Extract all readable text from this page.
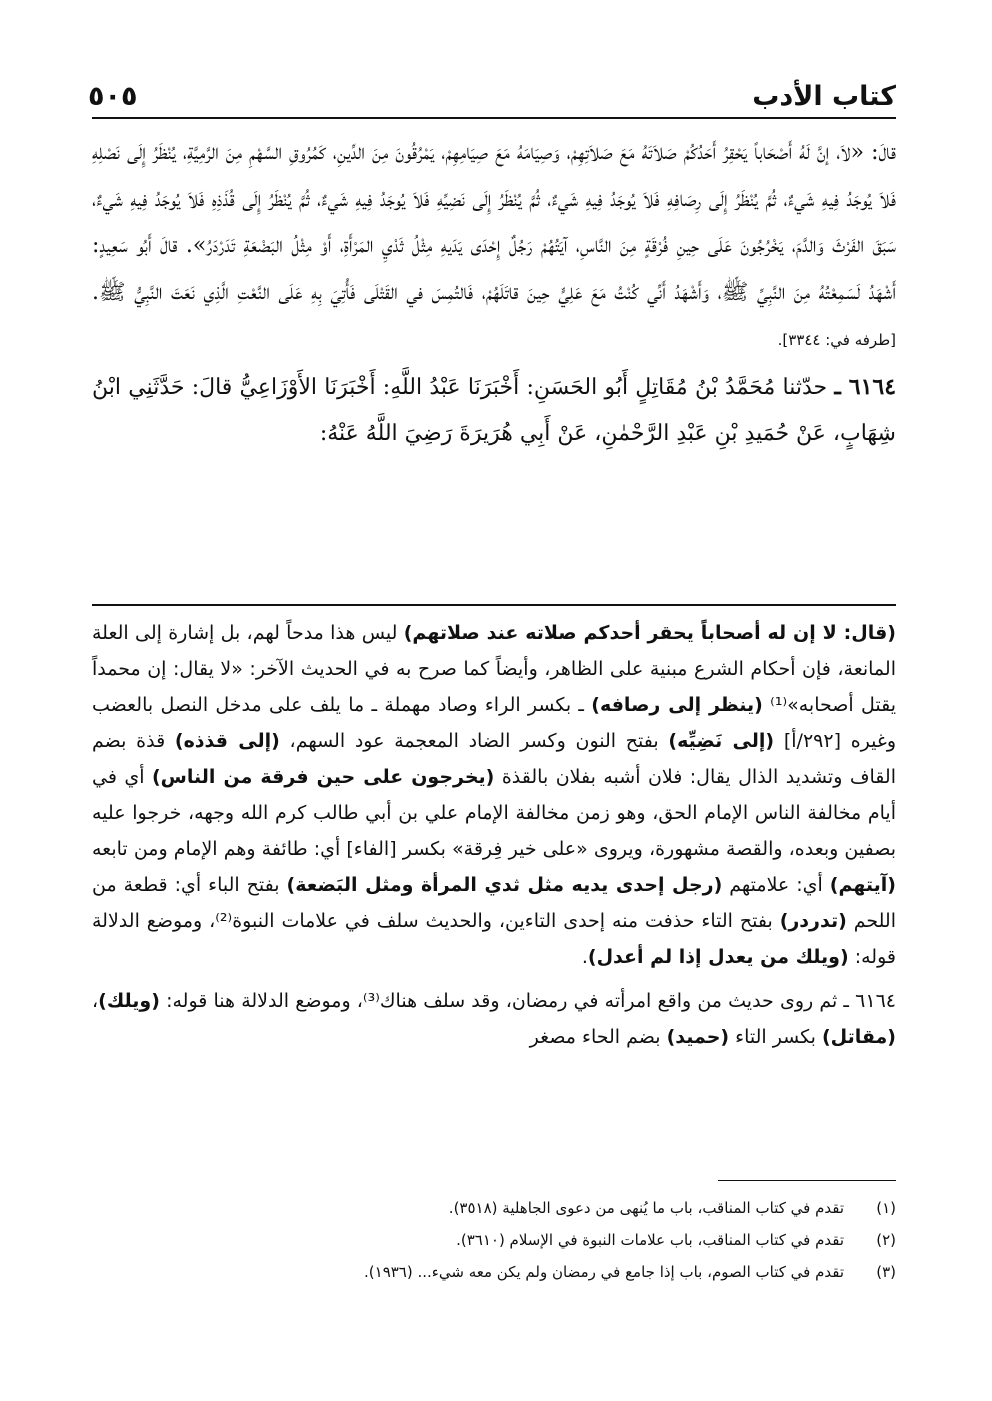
كتاب الأدب
٥٠٥

قالَ: «لاَ، إنَّ لَهُ أَصْحَاباً يَحْقِرُ أَحَدُكُمْ صَلاَتَهُ مَعَ صَلاَتِهِمْ، وَصِيَامَهُ مَعَ صِيَامِهِمْ، يَمْرُقُونَ مِنَ الدِّينِ، كَمُرُوقِ السَّهْمِ مِنَ الرَّمِيَّةِ، يُنْظَرُ إِلَى نَصْلِهِ فَلاَ يُوجَدُ فِيهِ شَيءٌ، ثُمَّ يُنْظَرُ إِلَى رِصَافِهِ فَلاَ يُوجَدُ فِيهِ شَيءٌ، ثُمَّ يُنْظَرُ إِلَى نَضِيِّهِ فَلاَ يُوجَدُ فِيهِ شَيءٌ، ثُمَّ يُنْظَرُ إِلَى قُذَذِهِ فَلاَ يُوجَدُ فِيهِ شَيءٌ، سَبَقَ الفَرْثَ وَالدَّمَ، يَخْرُجُونَ عَلَى حِينِ فُرْقَةٍ مِنَ النَّاسِ، آيَتُهُمْ رَجُلٌ إِحْدَى يَدَيهِ مِثْلُ ثَدْيِ المَرْأَةِ، أَوْ مِثْلُ البَضْعَةِ تَدَرْدَرُ». قالَ أَبُو سَعِيدٍ: أَشْهَدُ لَسَمِعْتُهُ مِنَ النَّبِيِّ ﷺ، وَأَشْهَدُ أَنِّي كُنْتُ مَعَ عَلِيٍّ حِينَ قاتَلَهُمْ، فَالتُمِسَ في القَتْلَى فَأُتِيَ بِهِ عَلَى النَّعْتِ الَّذِي نَعَتَ النَّبِيُّ ﷺ. [طرفه في: ٣٣٤٤].

٦١٦٤ ـ حدّثنا مُحَمَّدُ بْنُ مُقَاتِلٍ أَبُو الحَسَنِ: أَخْبَرَنَا عَبْدُ اللَّهِ: أَخْبَرَنَا الأَوْزَاعِيُّ قالَ: حَدَّثَنِي ابْنُ شِهَابٍ، عَنْ حُمَيدِ بْنِ عَبْدِ الرَّحْمٰنِ، عَنْ أَبِي هُرَيرَةَ رَضِيَ اللَّهُ عَنْهُ:

(قال: لا إن له أصحاباً يحقر أحدكم صلاته عند صلاتهم) ليس هذا مدحاً لهم، بل إشارة إلى العلة المانعة، فإن أحكام الشرع مبنية على الظاهر، وأيضاً كما صرح به في الحديث الآخر: «لا يقال: إن محمداً يقتل أصحابه»⁽¹⁾ (ينظر إلى رصافه) ـ بكسر الراء وصاد مهملة ـ ما يلف على مدخل النصل بالعضب وغيره [٢٩٢/أ] (إلى نَضِيِّه) بفتح النون وكسر الضاد المعجمة عود السهم، (إلى قذذه) قذة بضم القاف وتشديد الذال يقال: فلان أشبه بفلان بالقذة (يخرجون على حين فرقة من الناس) أي في أيام مخالفة الناس الإمام الحق، وهو زمن مخالفة الإمام علي بن أبي طالب كرم الله وجهه، خرجوا عليه بصفين وبعده، والقصة مشهورة، ويروى «على خير فِرقة» بكسر [الفاء] أي: طائفة وهم الإمام ومن تابعه (آيتهم) أي: علامتهم (رجل إحدى يديه مثل ثدي المرأة ومثل البَضعة) بفتح الباء أي: قطعة من اللحم (تدردر) بفتح التاء حذفت منه إحدى التاءين، والحديث سلف في علامات النبوة⁽²⁾، وموضع الدلالة قوله: (ويلك من يعدل إذا لم أعدل).

٦١٦٤ ـ ثم روى حديث من واقع امرأته في رمضان، وقد سلف هناك⁽³⁾، وموضع الدلالة هنا قوله: (ويلك)، (مقاتل) بكسر التاء (حميد) بضم الحاء مصغر

(١)
تقدم في كتاب المناقب، باب ما يُنهى من دعوى الجاهلية (٣٥١٨).
(٢)
تقدم في كتاب المناقب، باب علامات النبوة في الإسلام (٣٦١٠).
(٣)
تقدم في كتاب الصوم، باب إذا جامع في رمضان ولم يكن معه شيء... (١٩٣٦).
